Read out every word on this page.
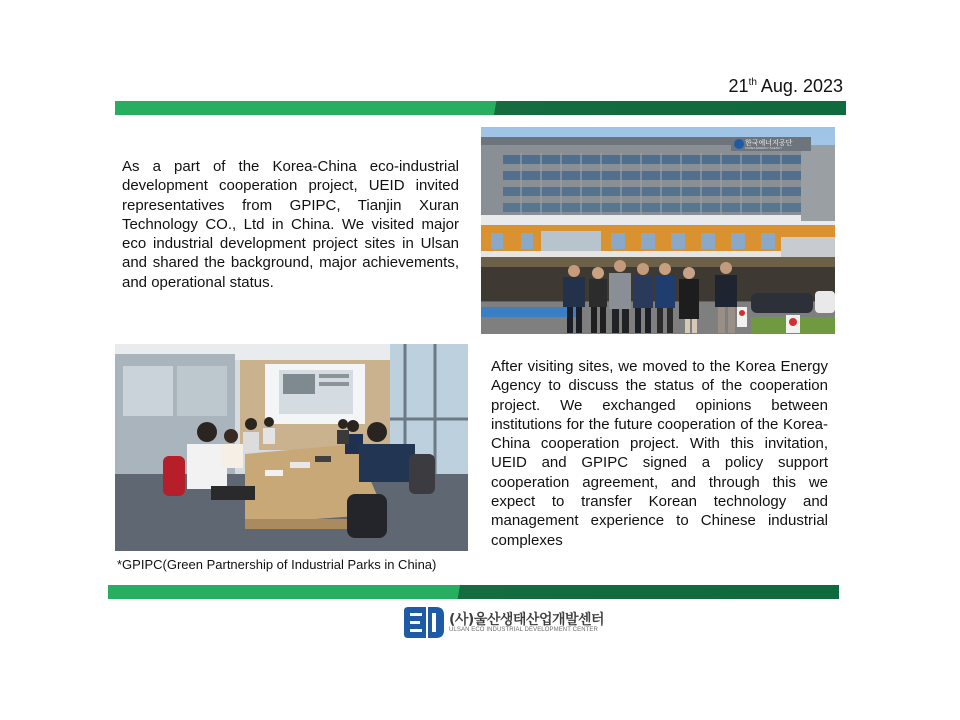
21th Aug. 2023
As a part of the Korea-China eco-industrial development cooperation project, UEID invited representatives from GPIPC, Tianjin Xuran Technology CO., Ltd in China. We visited major eco industrial development project sites in Ulsan and shared the background, major achievements, and operational status.
한국에너지공단
KOREA ENERGY AGENCY
After visiting sites, we moved to the Korea Energy Agency to discuss the status of the cooperation project. We exchanged opinions between institutions for the future cooperation of the Korea-China cooperation project. With this invitation, UEID and GPIPC signed a policy support cooperation agreement, and through this we expect to transfer Korean technology and management experience to Chinese industrial complexes
*GPIPC(Green Partnership of Industrial Parks in China)
(사)울산생태산업개발센터
ULSAN ECO INDUSTRIAL DEVELOPMENT CENTER
